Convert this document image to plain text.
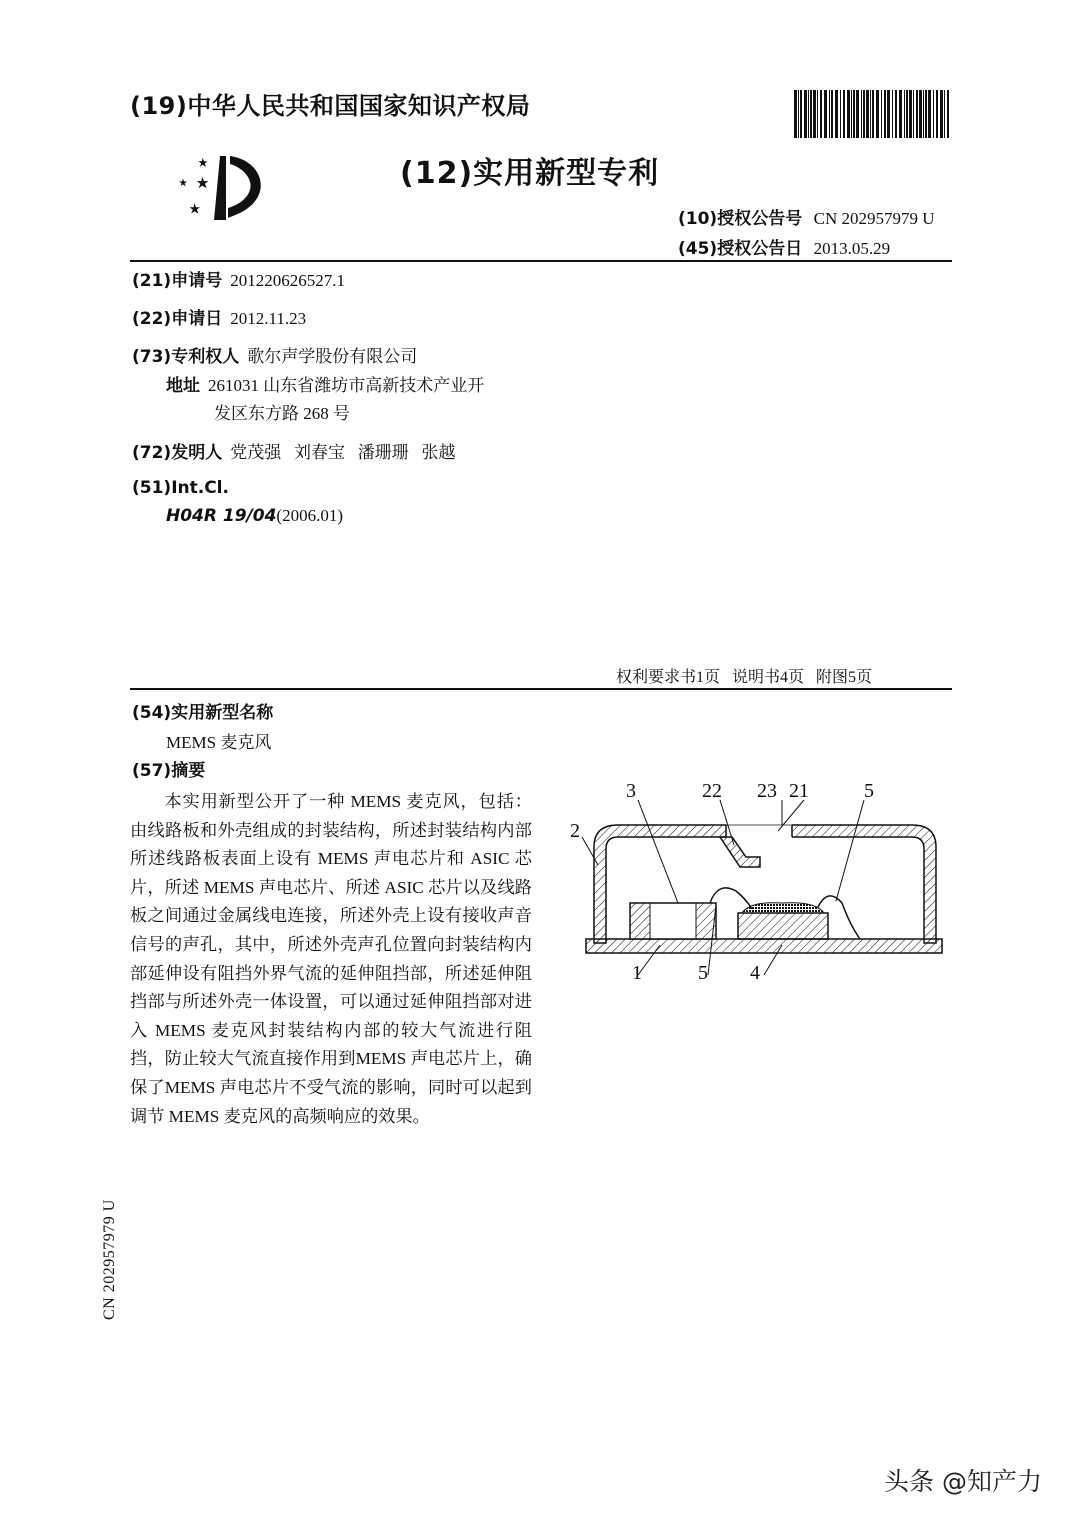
(19)中华人民共和国国家知识产权局
(12)实用新型专利
(10)授权公告号 CN 202957979 U
(45)授权公告日 2013.05.29
(21)申请号 201220626527.1
(22)申请日 2012.11.23
(73)专利权人 歌尔声学股份有限公司
地址 261031 山东省潍坊市高新技术产业开
发区东方路 268 号
(72)发明人 党茂强   刘春宝   潘珊珊   张越
(51)Int.Cl.
H04R 19/04(2006.01)
权利要求书1页   说明书4页   附图5页
(54)实用新型名称
MEMS 麦克风
(57)摘要
本实用新型公开了一种 MEMS 麦克风，包括：由线路板和外壳组成的封装结构，所述封装结构内部所述线路板表面上设有 MEMS 声电芯片和 ASIC 芯片，所述 MEMS 声电芯片、所述 ASIC 芯片以及线路板之间通过金属线电连接，所述外壳上设有接收声音信号的声孔，其中，所述外壳声孔位置向封装结构内部延伸设有阻挡外界气流的延伸阻挡部，所述延伸阻挡部与所述外壳一体设置，可以通过延伸阻挡部对进入 MEMS 麦克风封装结构内部的较大气流进行阻挡，防止较大气流直接作用到MEMS 声电芯片上，确保了MEMS 声电芯片不受气流的影响，同时可以起到调节 MEMS 麦克风的高频响应的效果。
3	22 23 21	5
2
1	5 4
CN 202957979 U
头条 @知产力
